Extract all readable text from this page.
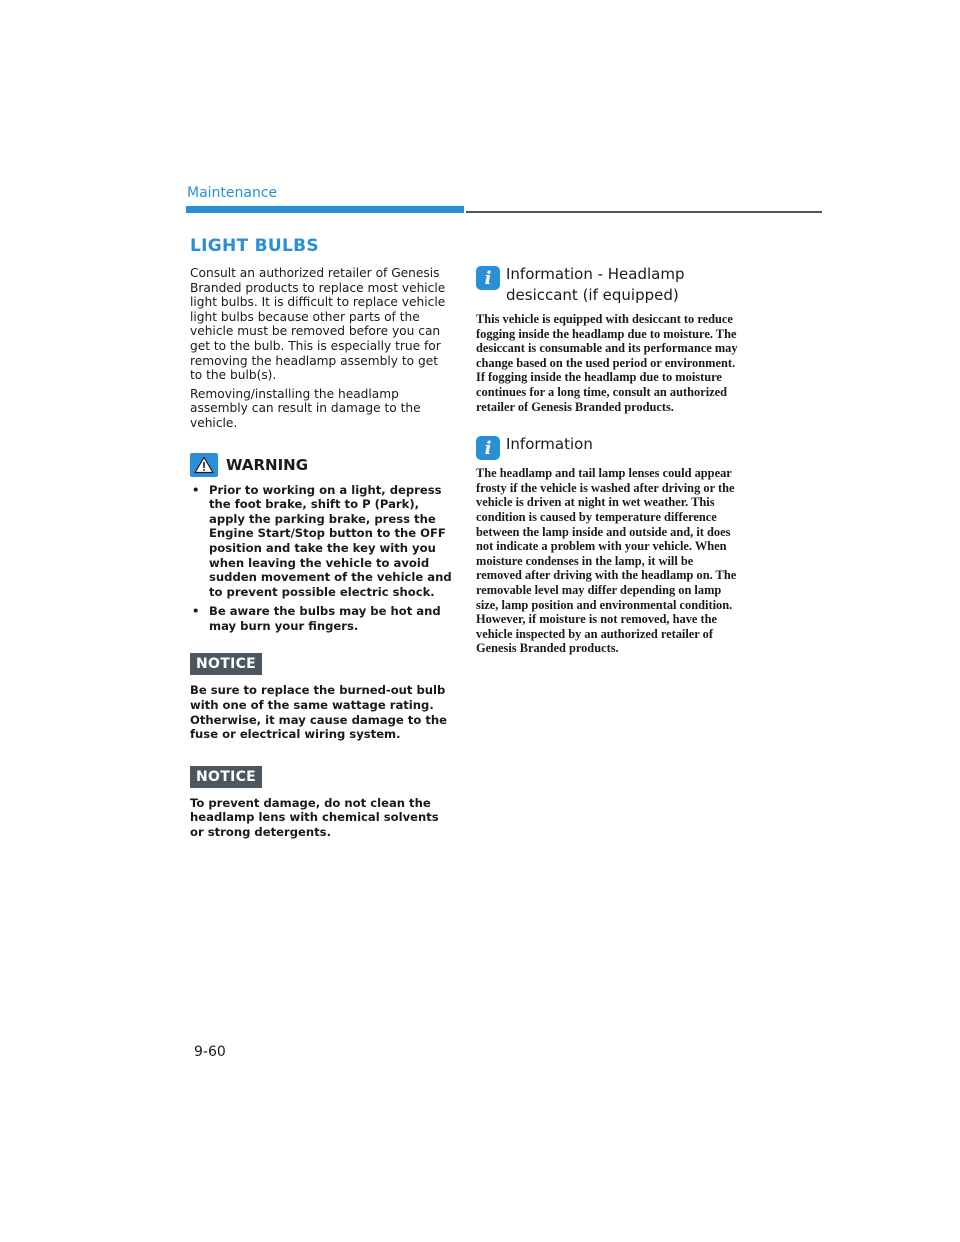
Maintenance
LIGHT BULBS

Consult an authorized retailer of Genesis Branded products to replace most vehicle light bulbs. It is difficult to replace vehicle light bulbs because other parts of the vehicle must be removed before you can get to the bulb. This is especially true for removing the headlamp assembly to get to the bulb(s).

Removing/installing the headlamp assembly can result in damage to the vehicle.

WARNING
• Prior to working on a light, depress the foot brake, shift to P (Park), apply the parking brake, press the Engine Start/Stop button to the OFF position and take the key with you when leaving the vehicle to avoid sudden movement of the vehicle and to prevent possible electric shock.
• Be aware the bulbs may be hot and may burn your fingers.
NOTICE

Be sure to replace the burned-out bulb with one of the same wattage rating. Otherwise, it may cause damage to the fuse or electrical wiring system.

NOTICE

To prevent damage, do not clean the headlamp lens with chemical solvents or strong detergents.

i Information - Headlamp
desiccant (if equipped)

This vehicle is equipped with desiccant to reduce fogging inside the headlamp due to moisture. The desiccant is consumable and its performance may change based on the used period or environment. If fogging inside the headlamp due to moisture continues for a long time, consult an authorized retailer of Genesis Branded products.

i Information

The headlamp and tail lamp lenses could appear frosty if the vehicle is washed after driving or the vehicle is driven at night in wet weather. This condition is caused by temperature difference between the lamp inside and outside and, it does not indicate a problem with your vehicle. When moisture condenses in the lamp, it will be removed after driving with the headlamp on. The removable level may differ depending on lamp size, lamp position and environmental condition. However, if moisture is not removed, have the vehicle inspected by an authorized retailer of Genesis Branded products.

9-60
